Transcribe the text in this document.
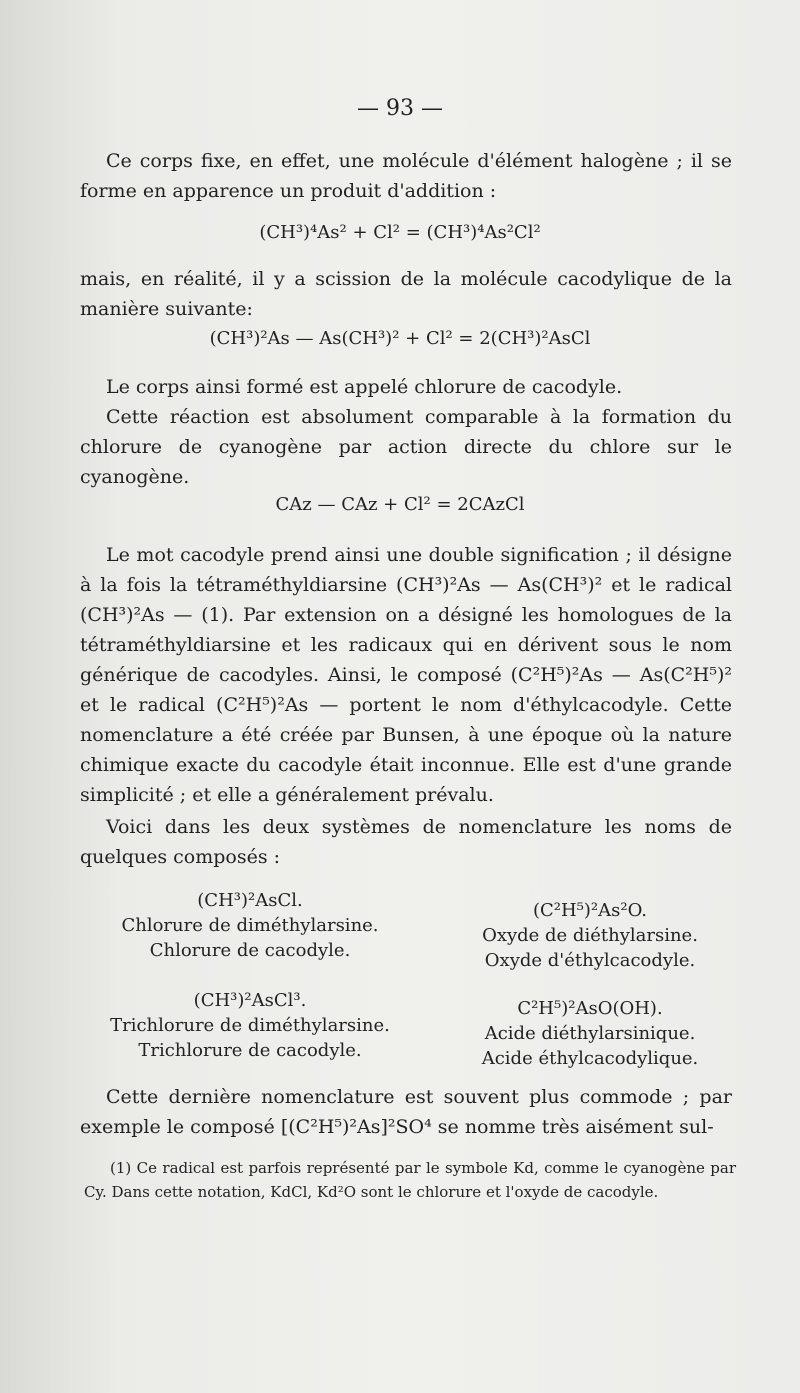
— 93 —

Ce corps fixe, en effet, une molécule d'élément halogène ; il se forme en apparence un produit d'addition :

(CH³)⁴As² + Cl² = (CH³)⁴As²Cl²

mais, en réalité, il y a scission de la molécule cacodylique de la manière suivante:

(CH³)²As — As(CH³)² + Cl² = 2(CH³)²AsCl

Le corps ainsi formé est appelé chlorure de cacodyle.

Cette réaction est absolument comparable à la formation du chlorure de cyanogène par action directe du chlore sur le cyanogène.

CAz — CAz + Cl² = 2CAzCl

Le mot cacodyle prend ainsi une double signification ; il désigne à la fois la tétraméthyldiarsine (CH³)²As — As(CH³)² et le radical (CH³)²As — (1). Par extension on a désigné les homologues de la tétraméthyldiarsine et les radicaux qui en dérivent sous le nom générique de cacodyles. Ainsi, le composé (C²H⁵)²As — As(C²H⁵)² et le radical (C²H⁵)²As — portent le nom d'éthylcacodyle. Cette nomenclature a été créée par Bunsen, à une époque où la nature chimique exacte du cacodyle était inconnue. Elle est d'une grande simplicité ; et elle a généralement prévalu.

Voici dans les deux systèmes de nomenclature les noms de quelques composés :

(CH³)²AsCl.
Chlorure de diméthylarsine.
Chlorure de cacodyle.
(C²H⁵)²As²O.
Oxyde de diéthylarsine.
Oxyde d'éthylcacodyle.
(CH³)²AsCl³.
Trichlorure de diméthylarsine.
Trichlorure de cacodyle.
C²H⁵)²AsO(OH).
Acide diéthylarsinique.
Acide éthylcacodylique.

Cette dernière nomenclature est souvent plus commode ; par exemple le composé [(C²H⁵)²As]²SO⁴ se nomme très aisément sul-

(1) Ce radical est parfois représenté par le symbole Kd, comme le cyanogène par Cy. Dans cette notation, KdCl, Kd²O sont le chlorure et l'oxyde de cacodyle.
